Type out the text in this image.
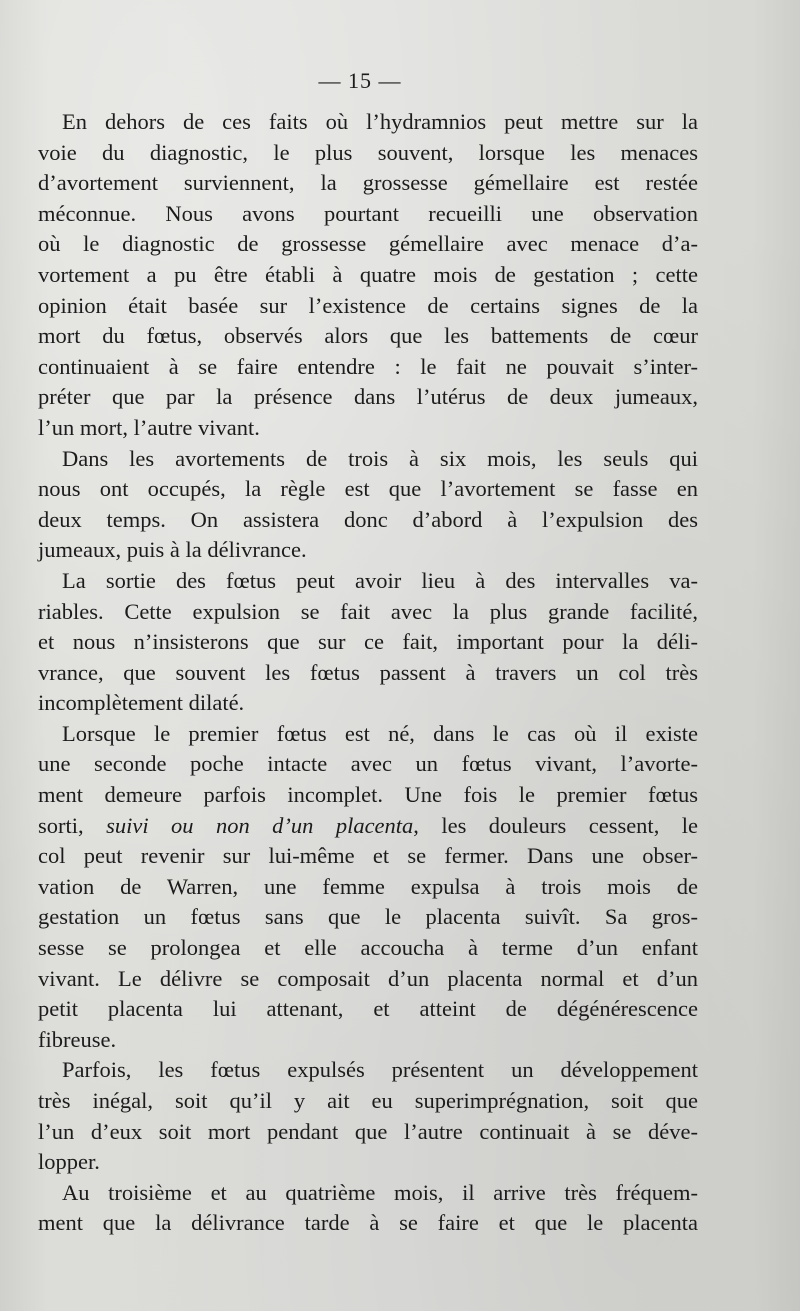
— 15 —
En dehors de ces faits où l’hydramnios peut mettre sur la
voie du diagnostic, le plus souvent, lorsque les menaces
d’avortement surviennent, la grossesse gémellaire est restée
méconnue. Nous avons pourtant recueilli une observation
où le diagnostic de grossesse gémellaire avec menace d’a-
vortement a pu être établi à quatre mois de gestation ; cette
opinion était basée sur l’existence de certains signes de la
mort du fœtus, observés alors que les battements de cœur
continuaient à se faire entendre : le fait ne pouvait s’inter-
préter que par la présence dans l’utérus de deux jumeaux,
l’un mort, l’autre vivant.
Dans les avortements de trois à six mois, les seuls qui
nous ont occupés, la règle est que l’avortement se fasse en
deux temps. On assistera donc d’abord à l’expulsion des
jumeaux, puis à la délivrance.
La sortie des fœtus peut avoir lieu à des intervalles va-
riables. Cette expulsion se fait avec la plus grande facilité,
et nous n’insisterons que sur ce fait, important pour la déli-
vrance, que souvent les fœtus passent à travers un col très
incomplètement dilaté.
Lorsque le premier fœtus est né, dans le cas où il existe
une seconde poche intacte avec un fœtus vivant, l’avorte-
ment demeure parfois incomplet. Une fois le premier fœtus
sorti, suivi ou non d’un placenta, les douleurs cessent, le
col peut revenir sur lui-même et se fermer. Dans une obser-
vation de Warren, une femme expulsa à trois mois de
gestation un fœtus sans que le placenta suivît. Sa gros-
sesse se prolongea et elle accoucha à terme d’un enfant
vivant. Le délivre se composait d’un placenta normal et d’un
petit placenta lui attenant, et atteint de dégénérescence
fibreuse.
Parfois, les fœtus expulsés présentent un développement
très inégal, soit qu’il y ait eu superimprégnation, soit que
l’un d’eux soit mort pendant que l’autre continuait à se déve-
lopper.
Au troisième et au quatrième mois, il arrive très fréquem-
ment que la délivrance tarde à se faire et que le placenta
